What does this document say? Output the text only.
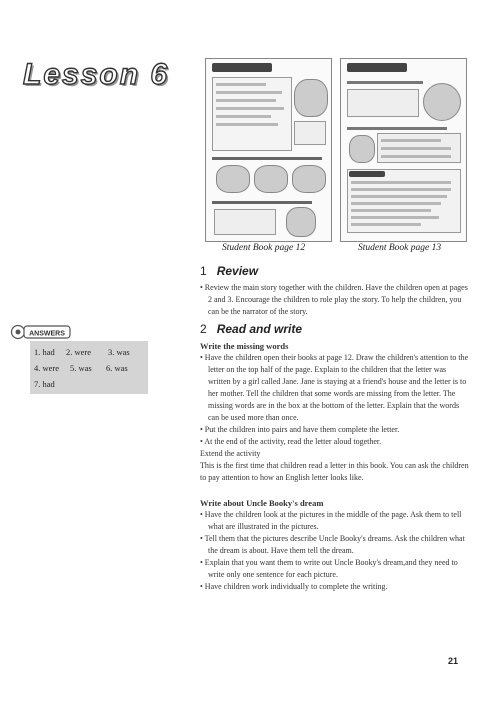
Lesson 6
Student Book page 12	Student Book page 13
1 Review

• Review the main story together with the children. Have the children open at pages 2 and 3. Encourage the children to role play the story. To help the children, you can be the narrator of the story.

2 Read and write

Write the missing words

• Have the children open their books at page 12. Draw the children's attention to the letter on the top half of the page. Explain to the children that the letter was written by a girl called Jane. Jane is staying at a friend's house and the letter is to her mother. Tell the children that some words are missing from the letter. The missing words are in the box at the bottom of the letter. Explain that the words can be used more than once.

• Put the children into pairs and have them complete the letter.

• At the end of the activity, read the letter aloud together.

Extend the activity

This is the first time that children read a letter in this book. You can ask the children to pay attention to how an English letter looks like.

Write about Uncle Booky's dream

• Have the children look at the pictures in the middle of the page. Ask them to tell what are illustrated in the pictures.

• Tell them that the pictures describe Uncle Booky's dreams. Ask the children what the dream is about. Have them tell the dream.

• Explain that you want them to write out Uncle Booky's dream,and they need to write only one sentence for each picture.

• Have children work individually to complete the writing.

ANSWERS
1. had 2. were 3. was
4. were 5. was 6. was
7. had
21
